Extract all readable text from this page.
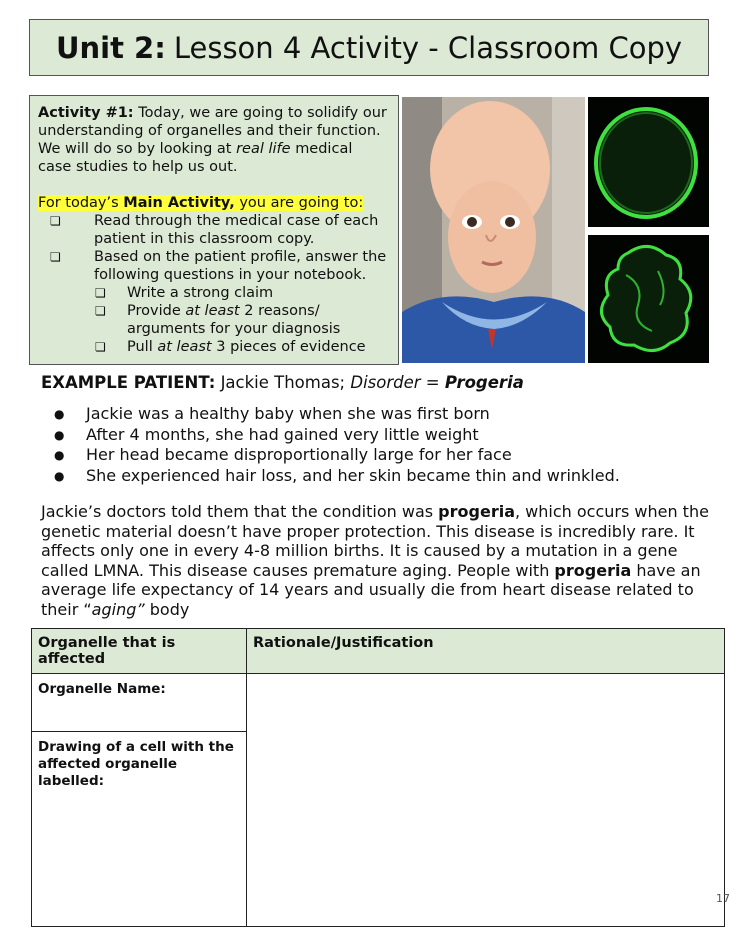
Unit 2: Lesson 4 Activity - Classroom Copy

Activity #1: Today, we are going to solidify our understanding of organelles and their function. We will do so by looking at real life medical case studies to help us out.

For today’s Main Activity, you are going to:

❏ Read through the medical case of each patient in this classroom copy.
❏ Based on the patient profile, answer the following questions in your notebook.
❏ Write a strong claim
❏ Provide at least 2 reasons/ arguments for your diagnosis
❏ Pull at least 3 pieces of evidence
EXAMPLE PATIENT: Jackie Thomas; Disorder = Progeria
●	Jackie was a healthy baby when she was first born
●	After 4 months, she had gained very little weight
●	Her head became disproportionally large for her face
●	She experienced hair loss, and her skin became thin and wrinkled.

Jackie’s doctors told them that the condition was progeria, which occurs when the genetic material doesn’t have proper protection. This disease is incredibly rare. It affects only one in every 4-8 million births. It is caused by a mutation in a gene called LMNA. This disease causes premature aging. People with progeria have an average life expectancy of 14 years and usually die from heart disease related to their “aging” body

Organelle that is affected	Rationale/Justification
Organelle Name:	
Drawing of a cell with the affected organelle labelled:	
17
